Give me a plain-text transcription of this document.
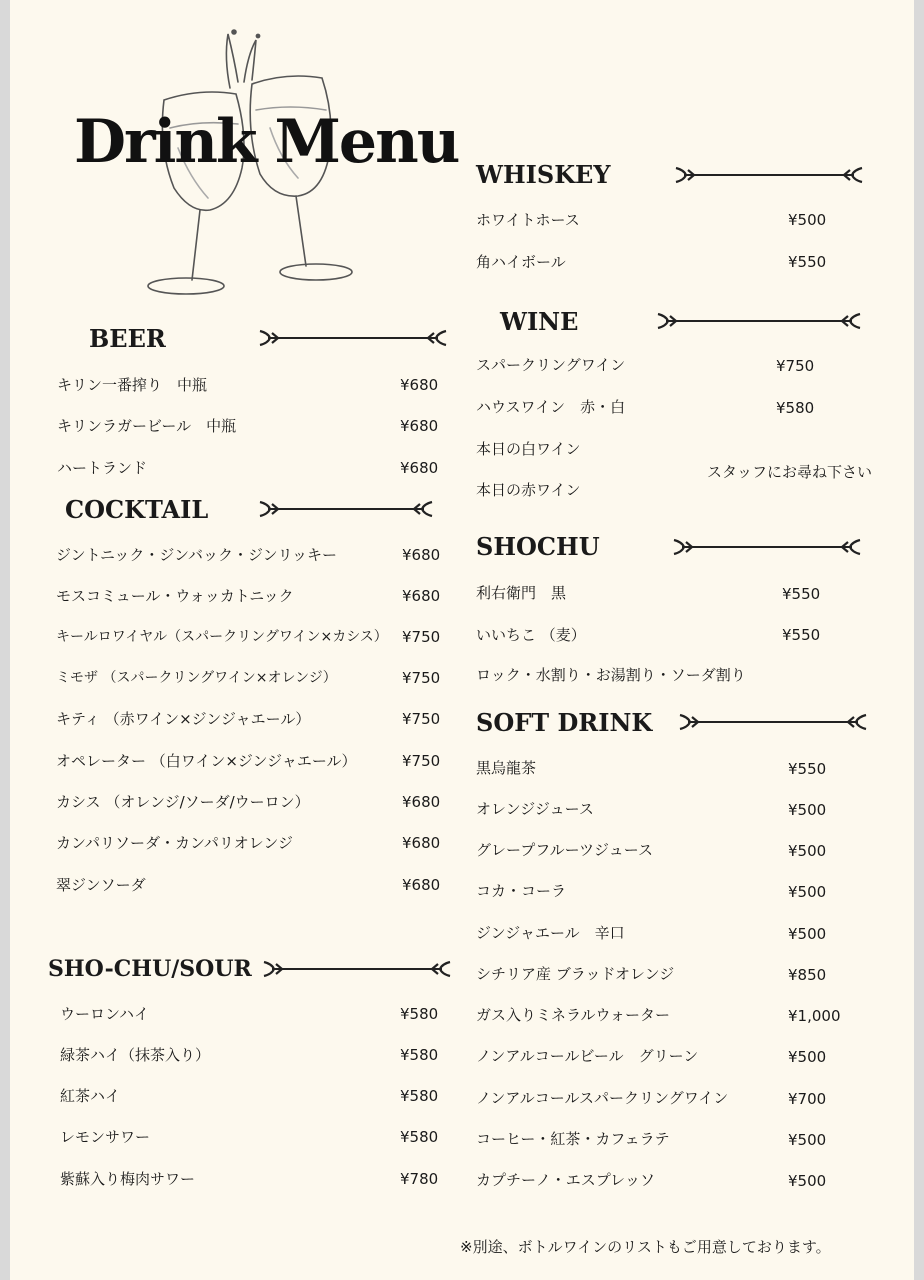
Drink Menu
BEER
キリン一番搾り　中瓶	¥680
キリンラガービール　中瓶	¥680
ハートランド	¥680
COCKTAIL
ジントニック・ジンバック・ジンリッキー	¥680
モスコミュール・ウォッカトニック	¥680
キールロワイヤル（スパークリングワイン×カシス） ¥750
ミモザ （スパークリングワイン×オレンジ）	¥750
キティ （赤ワイン×ジンジャエール）	¥750
オペレーター （白ワイン×ジンジャエール）	¥750
カシス （オレンジ/ソーダ/ウーロン）	¥680
カンパリソーダ・カンパリオレンジ	¥680
翠ジンソーダ	¥680
SHO-CHU/SOUR
ウーロンハイ	¥580
緑茶ハイ（抹茶入り）	¥580
紅茶ハイ	¥580
レモンサワー	¥580
紫蘇入り梅肉サワー	¥780
WHISKEY
ホワイトホース	¥500
角ハイボール	¥550
WINE
スパークリングワイン	¥750
ハウスワイン　赤・白	¥580
本日の白ワイン
本日の赤ワイン
スタッフにお尋ね下さい
SHOCHU
利右衛門　黒	¥550
いいちこ （麦）	¥550
ロック・水割り・お湯割り・ソーダ割り
SOFT DRINK
黒烏龍茶	¥550
オレンジジュース	¥500
グレープフルーツジュース	¥500
コカ・コーラ	¥500
ジンジャエール　辛口	¥500
シチリア産 ブラッドオレンジ	¥850
ガス入りミネラルウォーター	¥1,000
ノンアルコールビール　グリーン	¥500
ノンアルコールスパークリングワイン	¥700
コーヒー・紅茶・カフェラテ	¥500
カプチーノ・エスプレッソ	¥500
※別途、ボトルワインのリストもご用意しております。
